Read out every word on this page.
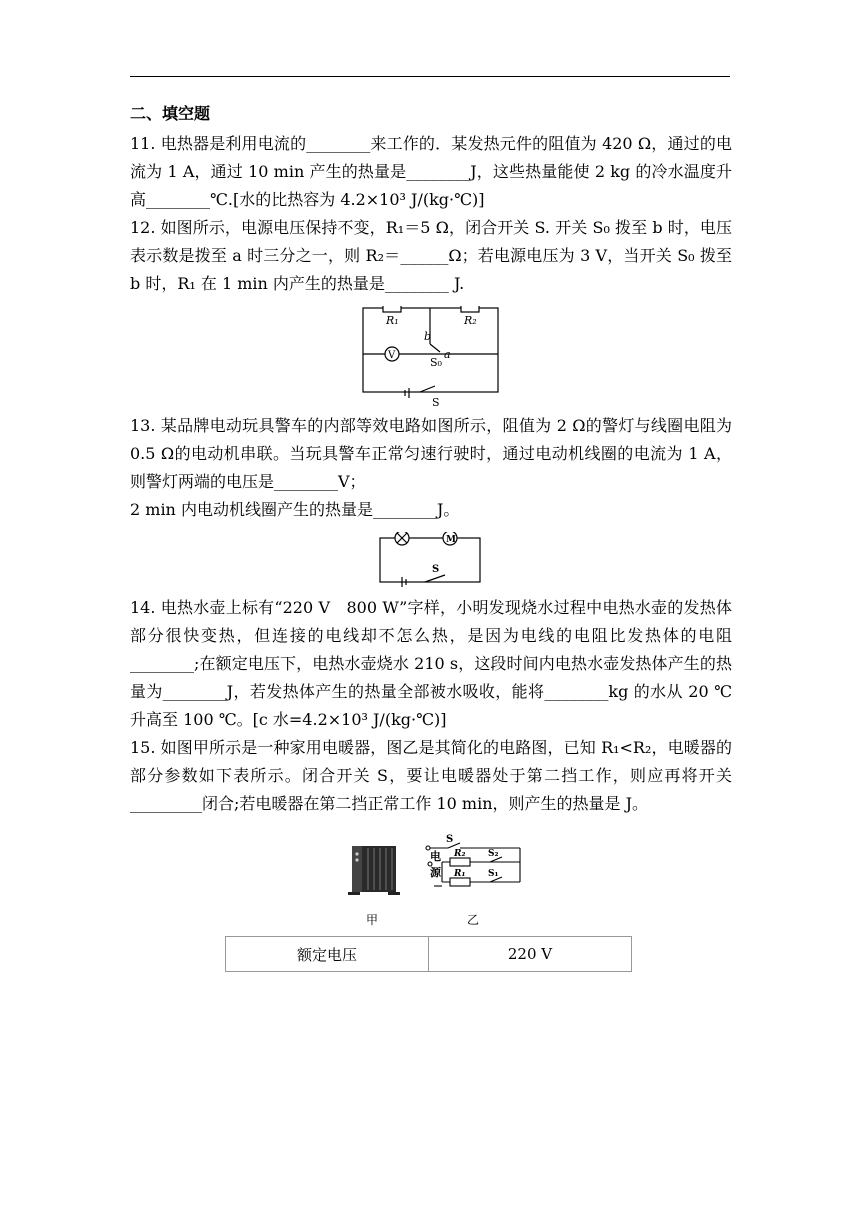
二、填空题

11. 电热器是利用电流的________来工作的．某发热元件的阻值为 420 Ω，通过的电流为 1 A，通过 10 min 产生的热量是________J，这些热量能使 2 kg 的冷水温度升高________℃.[水的比热容为 4.2×10³ J/(kg·℃)]

12. 如图所示，电源电压保持不变，R₁＝5 Ω，闭合开关 S. 开关 S₀ 拨至 b 时，电压表示数是拨至 a 时三分之一，则 R₂＝______Ω；若电源电压为 3 V，当开关 S₀ 拨至 b 时，R₁ 在 1 min 内产生的热量是________ J.

R₁	R₂
b
S₀
a
V
S

13. 某品牌电动玩具警车的内部等效电路如图所示，阻值为 2 Ω的警灯与线圈电阻为 0.5 Ω的电动机串联。当玩具警车正常匀速行驶时，通过电动机线圈的电流为 1 A，则警灯两端的电压是________V；

2 min 内电动机线圈产生的热量是________J。

M
S

14. 电热水壶上标有“220 V　800 W”字样，小明发现烧水过程中电热水壶的发热体部分很快变热，但连接的电线却不怎么热，是因为电线的电阻比发热体的电阻________;在额定电压下，电热水壶烧水 210 s，这段时间内电热水壶发热体产生的热量为________J，若发热体产生的热量全部被水吸收，能将________kg 的水从 20 ℃升高至 100 ℃。[c 水=4.2×10³ J/(kg·℃)]

15. 如图甲所示是一种家用电暖器，图乙是其简化的电路图，已知 R₁<R₂，电暖器的部分参数如下表所示。闭合开关 S，要让电暖器处于第二挡工作，则应再将开关_________闭合;若电暖器在第二挡正常工作 10 min，则产生的热量是 J。

甲
S
电
源
R₂	S₂
R₁	S₁
乙
额定电压	220 V
